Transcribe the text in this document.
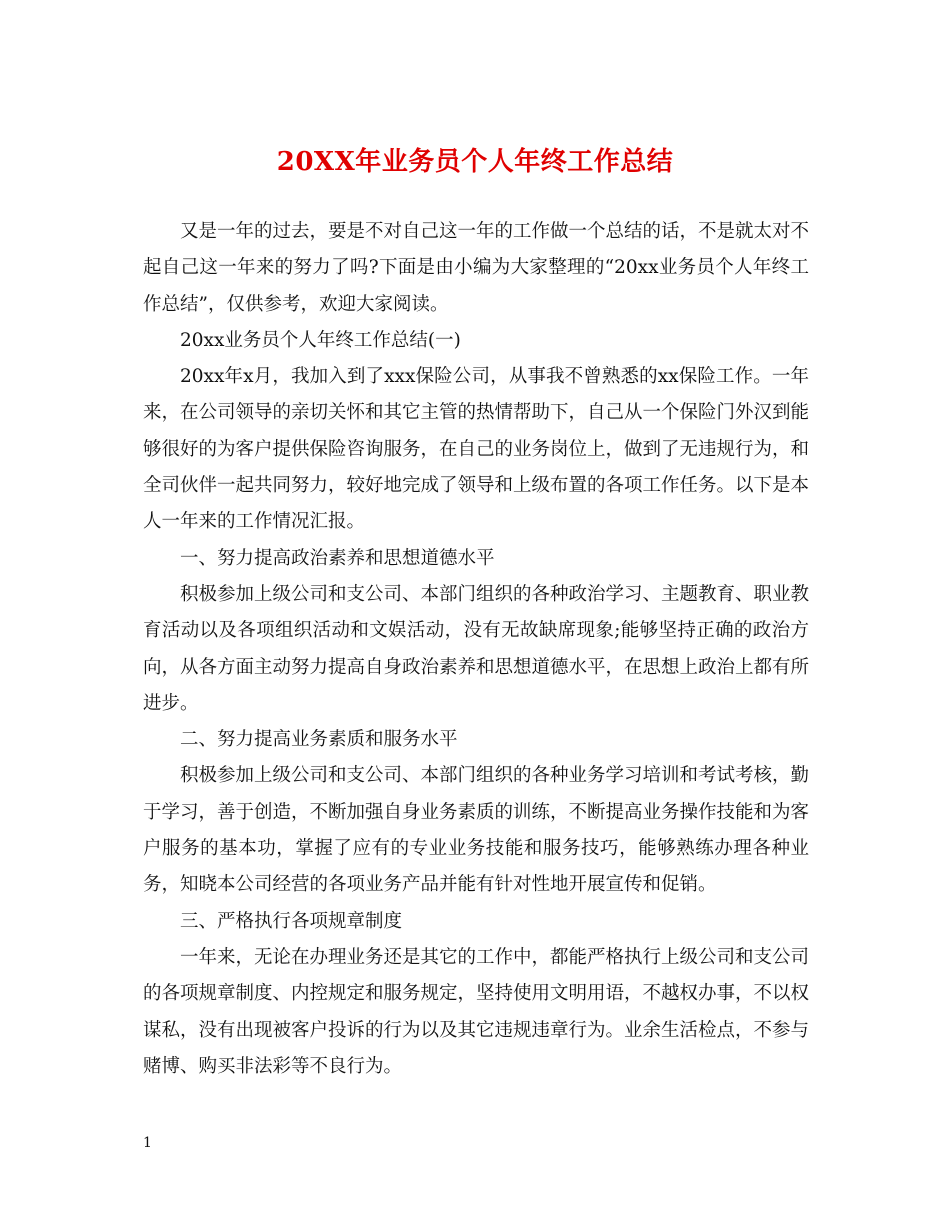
20XX年业务员个人年终工作总结

又是一年的过去，要是不对自己这一年的工作做一个总结的话，不是就太对不起自己这一年来的努力了吗?下面是由小编为大家整理的“20xx业务员个人年终工作总结”，仅供参考，欢迎大家阅读。

20xx业务员个人年终工作总结(一)

20xx年x月，我加入到了xxx保险公司，从事我不曾熟悉的xx保险工作。一年来，在公司领导的亲切关怀和其它主管的热情帮助下，自己从一个保险门外汉到能够很好的为客户提供保险咨询服务，在自己的业务岗位上，做到了无违规行为，和全司伙伴一起共同努力，较好地完成了领导和上级布置的各项工作任务。以下是本人一年来的工作情况汇报。

一、努力提高政治素养和思想道德水平

积极参加上级公司和支公司、本部门组织的各种政治学习、主题教育、职业教育活动以及各项组织活动和文娱活动，没有无故缺席现象;能够坚持正确的政治方向，从各方面主动努力提高自身政治素养和思想道德水平，在思想上政治上都有所进步。

二、努力提高业务素质和服务水平

积极参加上级公司和支公司、本部门组织的各种业务学习培训和考试考核，勤于学习，善于创造，不断加强自身业务素质的训练，不断提高业务操作技能和为客户服务的基本功，掌握了应有的专业业务技能和服务技巧，能够熟练办理各种业务，知晓本公司经营的各项业务产品并能有针对性地开展宣传和促销。

三、严格执行各项规章制度

一年来，无论在办理业务还是其它的工作中，都能严格执行上级公司和支公司的各项规章制度、内控规定和服务规定，坚持使用文明用语，不越权办事，不以权谋私，没有出现被客户投诉的行为以及其它违规违章行为。业余生活检点，不参与赌博、购买非法彩等不良行为。

1
